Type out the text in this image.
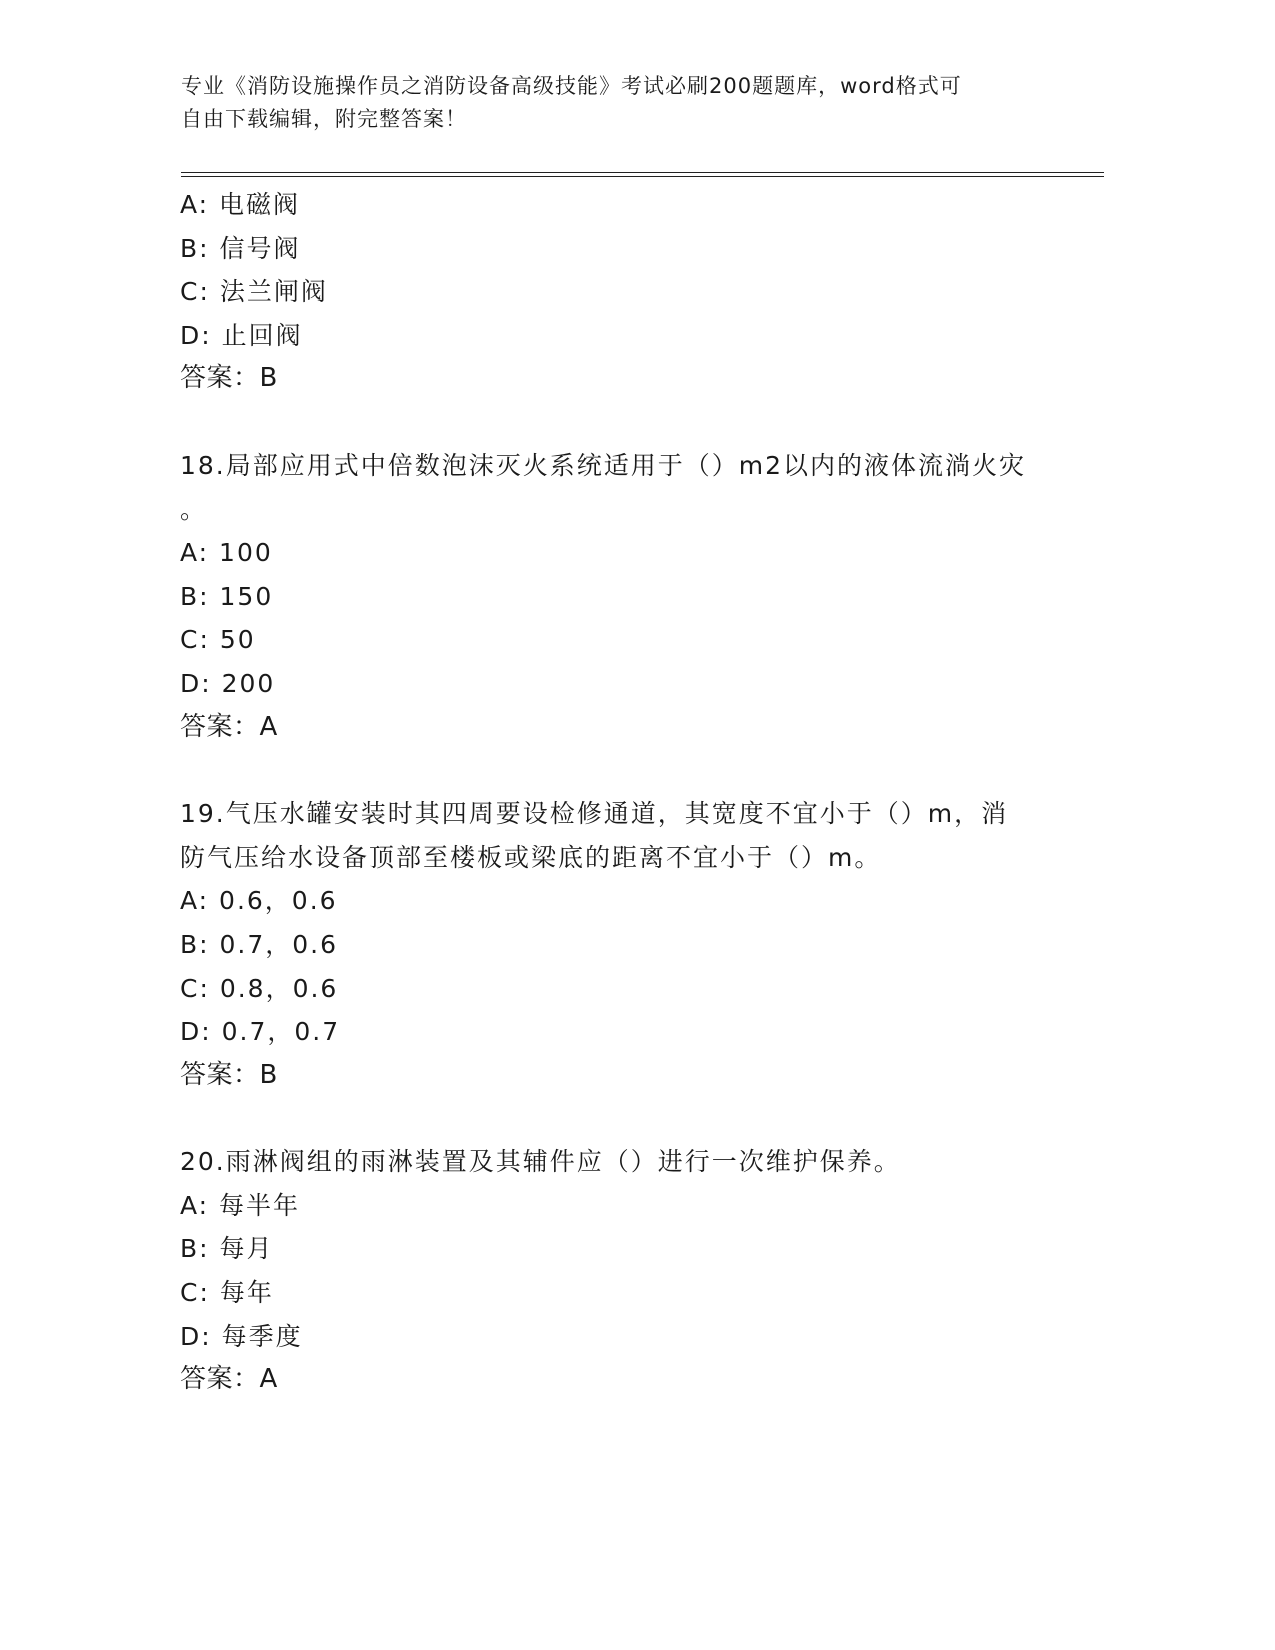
专业《消防设施操作员之消防设备高级技能》考试必刷200题题库，word格式可
自由下载编辑，附完整答案！

A: 电磁阀

B: 信号阀

C: 法兰闸阀

D: 止回阀

答案：B

18.局部应用式中倍数泡沫灭火系统适用于（）m2以内的液体流淌火灾

。

A: 100

B: 150

C: 50

D: 200

答案：A

19.气压水罐安装时其四周要设检修通道，其宽度不宜小于（）m，消

防气压给水设备顶部至楼板或梁底的距离不宜小于（）m。

A: 0.6，0.6

B: 0.7，0.6

C: 0.8，0.6

D: 0.7，0.7

答案：B

20.雨淋阀组的雨淋装置及其辅件应（）进行一次维护保养。

A: 每半年

B: 每月

C: 每年

D: 每季度

答案：A
